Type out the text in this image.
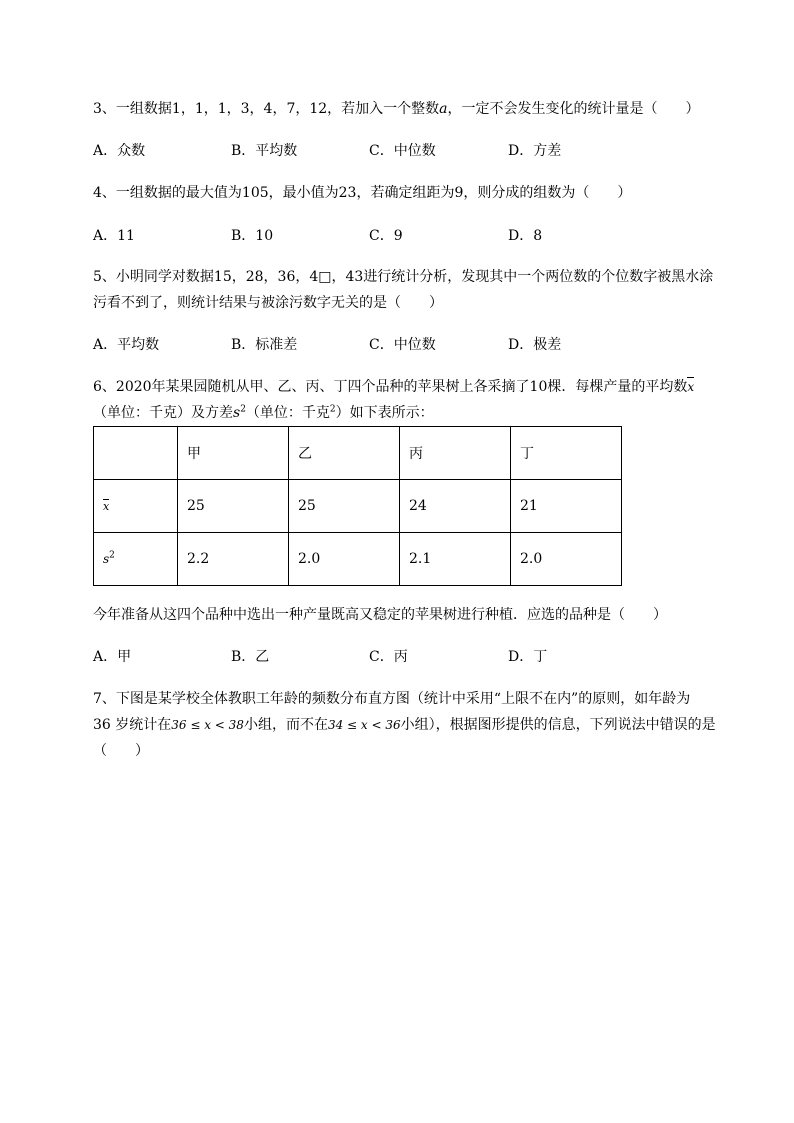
3、一组数据1，1，1，3，4，7，12，若加入一个整数a，一定不会发生变化的统计量是（　　）
A．众数	B．平均数	C．中位数	D．方差
4、一组数据的最大值为105，最小值为23，若确定组距为9，则分成的组数为（　　）
A．11	B．10	C．9	D．8
5、小明同学对数据15，28，36，4□，43进行统计分析，发现其中一个两位数的个位数字被黑水涂
污看不到了，则统计结果与被涂污数字无关的是（　　）
A．平均数	B．标准差	C．中位数	D．极差
6、2020年某果园随机从甲、乙、丙、丁四个品种的苹果树上各采摘了10棵．每棵产量的平均数x
（单位：千克）及方差$s^2$（单位：千克$^2$）如下表所示：
	甲	乙	丙	丁
x	25	25	24	21
$s^2$	2.2	2.0	2.1	2.0
今年准备从这四个品种中选出一种产量既高又稳定的苹果树进行种植．应选的品种是（　　）
A．甲	B．乙	C．丙	D．丁
7、下图是某学校全体教职工年龄的频数分布直方图（统计中采用“上限不在内”的原则，如年龄为
36 岁统计在36 ≤ x < 38小组，而不在34 ≤ x < 36小组），根据图形提供的信息，下列说法中错误的是
（　　）
